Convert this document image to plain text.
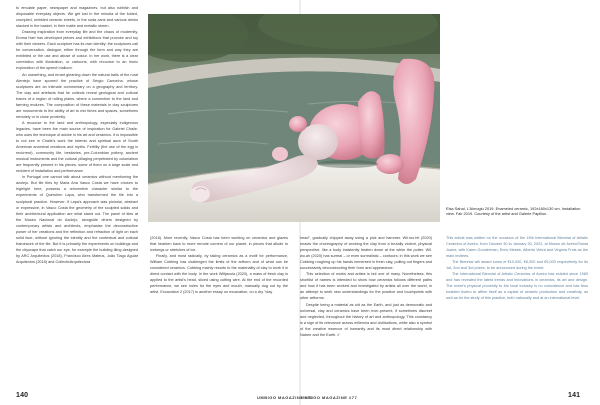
to emulate paper, newspaper and magazines, but also rubbish and disposable everyday objects. We get lost in the minutia of the folded, crumpled, wrinkled ceramic sheets, in the soda cans and various drinks stacked in the basket, in their matte and metallic sheen.

Drawing inspiration from everyday life and the chaos of modernity, Emma Hart has developed pieces and exhibitions that provoke and toy with their viewers. Each sculpture has its own identity; the sculptures call for conversation, dialogue, either through the form and way they are exhibited or the use and abuse of colour. In her work, there is a clear correlation with illustration, or cartoons, with recourse to an ironic exploration of the speech balloon.

An unearthing, and errant gleaning down the natural trails of the rural Alentejo have spurred the practice of Sérgio Carronha, whose sculptures are an intimate commentary on a geography and territory. The clay and artefacts that he collects reveal geological and cultural traces of a region of rolling plains, where a connection to the land and farming endures. The composition of these materials in clay sculptures are monuments to the ability of art to mix times and spaces, sometimes remotely or in close proximity.

A recourse to the land and anthropology, especially indigenous legacies, have been the main source of inspiration for Gabriel Chaile, who uses the technique of adobe in his art and ceramics. It is impossible to not see in Chaile's work the totemic and spiritual aura of South American ancestral creations and myths. Fertility (the use of the egg is recurrent), community life, bestiaries, pre-Columbian pottery, ancient musical instruments and the cultural pillaging perpetrated by colonialism are frequently present in his pieces, some of them on a large scale and redolent of installation and performance.

In Portugal one cannot talk about ceramics without mentioning the azulejo. But tile tiles by Maria Ana Vasco Costa we have chosen to highlight here, possess a reinventive character similar to the experiments of Querubim Lapa, who transformed the tile into a sculptural practice. However, if Lapa's approach was pictorial, abstract or expressive, in Vasco Costa the geometry of the sculpted solids and their architectural application are what stand out. The panel of tiles at the Museu Nacional do Azulejo, alongside others designed by contemporary artists and architects, emphasise the deconstructive power of her creations and the reflection and refraction of light on each solid face, without ignoring the identity and the contextual and cultural framework of the tile. But it is primarily the experiments on buildings and the cityscape that catch our eye, for example the building tiling designed by ARC Arquitectos (2018), Francisco Aires Mateus, João Tiago Aguiar Arquitectos (2018) and CollectivArquitectura

(2018). More recently, Vasco Costa has been working on ceramics and glazes that hearken back to more remote corners of our planet, in pieces that allude to icebergs or stretches of ice.

Finally, and most radically, by taking ceramics as a motif for performance, William Cobbing has challenged the limits of the artform and of what can be considered ceramics. Cobbing mainly resorts to the materiality of clay to work it in direct contact with the body. In the work Wiltjacula (2020), a mass of fresh clay is applied to the artist's head, sliced using cutting wire. At the end of the recorded performance, we see holes for the eyes and mouth, manually dug out by the artist. Excavation 2 (2017) is another essay on excavation, on a dry "clay

Elsa Sahal, L'Almogiu 2019. Enameled ceramic, 192x160x130 cm. Installation view. Fair 2019. Courtesy of the artist and Galerie Papillon.

head", gradually chipped away using a pick and hammer. Wil.mo.hit (2020) enacts the choreography of working the clay from a brutally violent, physical perspective, like a body insistently beaten down at the whim the potter. Wil. wo.ah (2020) has surreal – or even surrealistic – contours; in this work we see Cobbing roughing up his hands immersed in fresh clay, pulling out fingers and successively deconstructing their form and appearance.

This selection of works and artists is but one of many. Nonetheless, this shortlist of names is intended to show how ceramics follows different paths and how it has been worked and investigated by artists all over the world, in an attempt to seek new understandings for the practice and touchpoints with other artforms.

Despite being a material as old as the Earth, and just as democratic and universal, clay and ceramics have been ever-present, if sometimes discreet and neglected, throughout the history of art and anthropology. This constancy is a sign of its relevance across millennia and civilisations, while also a symbol of the creative essence of humanity and its most direct relationship with Nature and the Earth. //

This article was written on the occasion of the 15th International Biennial of Artistic Ceramics of Aveiro, from October 30 to January 30, 2022, at Museu de Aveiro/Santa Joana, with Karen Gunderman, Enric Mestre, Alberto Vieira and Virgínia Frois as the main invitees.

The Biennial will award sums of €10,000, €6,000 and €5,000 respectively for its 1st, 2nd and 3rd prizes, to be announced during the event.

The International Biennial of Artistic Ceramics of Aveiro has existed since 1989 and has revealed the latest trends and innovations in ceramics, its art and design. The event's physical proximity to the local industry is no coincidence and has thus enabled Aveiro to affirm itself as a capital of ceramic production and creativity, as well as for the study of this practice, both nationally and at an international level.

140	UMBIGO MAGAZINE #77
UMBIGO MAGAZINE #77	141
